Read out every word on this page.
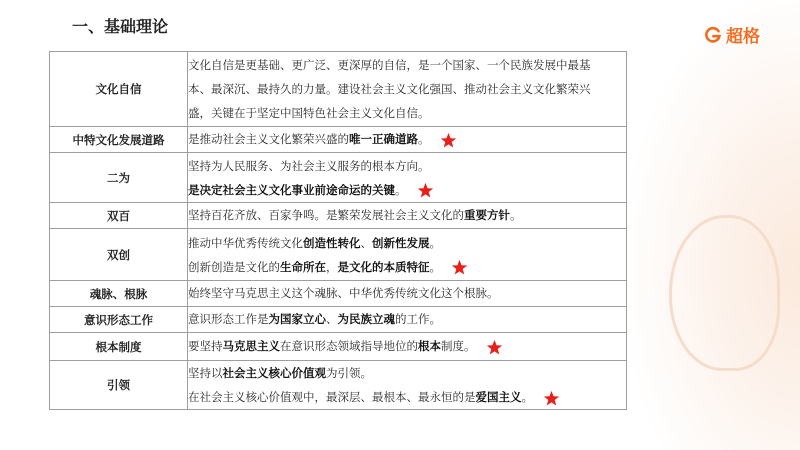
一、基础理论
超格
文化自信	文化自信是更基础、更广泛、更深厚的自信，是一个国家、一个民族发展中最基
本、最深沉、最持久的力量。建设社会主义文化强国、推动社会主义文化繁荣兴
盛，关键在于坚定中国特色社会主义文化自信。

中特文化发展道路	是推动社会主义文化繁荣兴盛的唯一正确道路。

二为	坚持为人民服务、为社会主义服务的根本方向。
是决定社会主义文化事业前途命运的关键。

双百	坚持百花齐放、百家争鸣。是繁荣发展社会主义文化的重要方针。

双创	推动中华优秀传统文化创造性转化、创新性发展。
创新创造是文化的生命所在，是文化的本质特征。

魂脉、根脉	始终坚守马克思主义这个魂脉、中华优秀传统文化这个根脉。

意识形态工作	意识形态工作是为国家立心、为民族立魂的工作。

根本制度	要坚持马克思主义在意识形态领域指导地位的根本制度。

引领	坚持以社会主义核心价值观为引领。
在社会主义核心价值观中，最深层、最根本、最永恒的是爱国主义。
